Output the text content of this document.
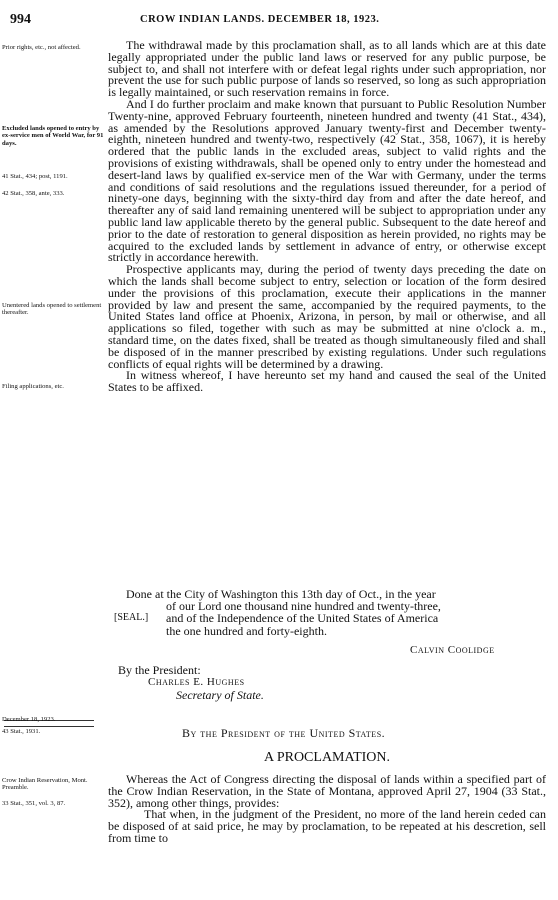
994	CROW INDIAN LANDS. DECEMBER 18, 1923.
Prior rights, etc., not affected.
Excluded lands opened to entry by ex-service men of World War, for 91 days.
41 Stat., 434; post, 1191.
42 Stat., 358, ante, 333.
Unentered lands opened to settlement thereafter.
Filing applications, etc.

The withdrawal made by this proclamation shall, as to all lands which are at this date legally appropriated under the public land laws or reserved for any public purpose, be subject to, and shall not interfere with or defeat legal rights under such appropriation, nor prevent the use for such public purpose of lands so reserved, so long as such appropriation is legally maintained, or such reservation remains in force.

And I do further proclaim and make known that pursuant to Public Resolution Number Twenty-nine, approved February fourteenth, nineteen hundred and twenty (41 Stat., 434), as amended by the Resolutions approved January twenty-first and December twenty-eighth, nineteen hundred and twenty-two, respectively (42 Stat., 358, 1067), it is hereby ordered that the public lands in the excluded areas, subject to valid rights and the provisions of existing withdrawals, shall be opened only to entry under the homestead and desert-land laws by qualified ex-service men of the War with Germany, under the terms and conditions of said resolutions and the regulations issued thereunder, for a period of ninety-one days, beginning with the sixty-third day from and after the date hereof, and thereafter any of said land remaining unentered will be subject to appropriation under any public land law applicable thereto by the general public. Subsequent to the date hereof and prior to the date of restoration to general disposition as herein provided, no rights may be acquired to the excluded lands by settlement in advance of entry, or otherwise except strictly in accordance herewith.

Prospective applicants may, during the period of twenty days preceding the date on which the lands shall become subject to entry, selection or location of the form desired under the provisions of this proclamation, execute their applications in the manner provided by law and present the same, accompanied by the required payments, to the United States land office at Phoenix, Arizona, in person, by mail or otherwise, and all applications so filed, together with such as may be submitted at nine o'clock a. m., standard time, on the dates fixed, shall be treated as though simultaneously filed and shall be disposed of in the manner prescribed by existing regulations. Under such regulations conflicts of equal rights will be determined by a drawing.

In witness whereof, I have hereunto set my hand and caused the seal of the United States to be affixed.

Done at the City of Washington this 13th day of Oct., in the year
of our Lord one thousand nine hundred and twenty-three,
[SEAL.] and of the Independence of the United States of America
the one hundred and forty-eighth.
Calvin Coolidge
By the President:
Charles E. Hughes
Secretary of State.
December 18, 1923.
43 Stat., 1931.	By the President of the United States.
A PROCLAMATION.
Crow Indian Reservation, Mont. Preamble.
33 Stat., 351, vol. 3, 87.

Whereas the Act of Congress directing the disposal of lands within a specified part of the Crow Indian Reservation, in the State of Montana, approved April 27, 1904 (33 Stat., 352), among other things, provides:

That when, in the judgment of the President, no more of the land herein ceded can be disposed of at said price, he may by proclamation, to be repeated at his descretion, sell from time to
